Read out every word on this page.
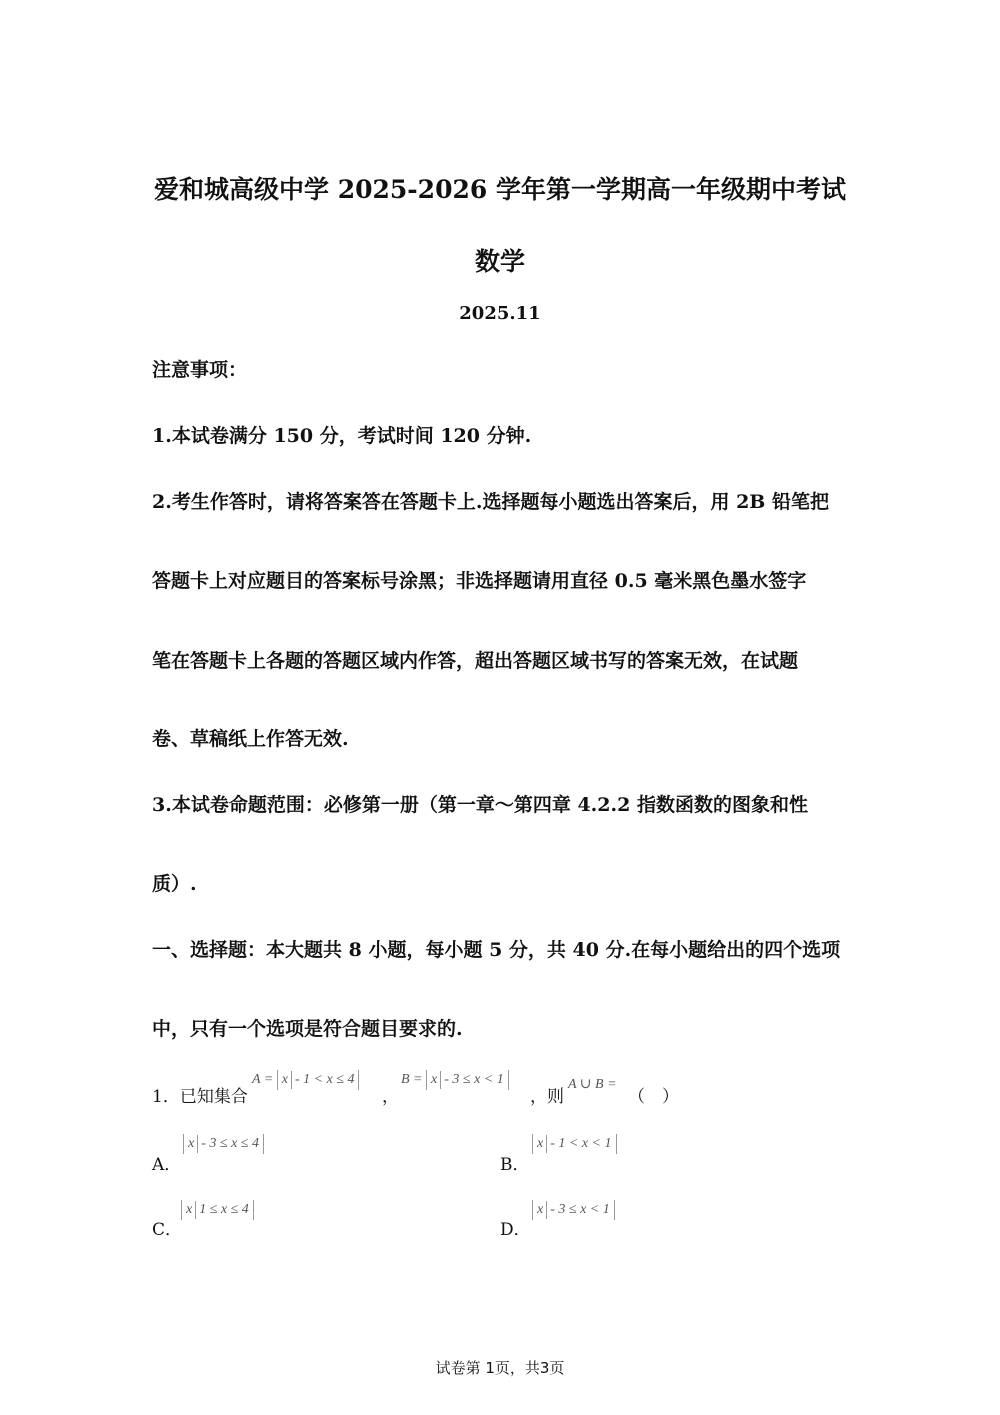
爱和城高级中学 2025-2026 学年第一学期高一年级期中考试
数学
2025.11
注意事项：
1.本试卷满分 150 分，考试时间 120 分钟.
2.考生作答时，请将答案答在答题卡上.选择题每小题选出答案后，用 2B 铅笔把
答题卡上对应题目的答案标号涂黑；非选择题请用直径 0.5 毫米黑色墨水签字
笔在答题卡上各题的答题区域内作答，超出答题区域书写的答案无效，在试题
卷、草稿纸上作答无效.
3.本试卷命题范围：必修第一册（第一章～第四章 4.2.2 指数函数的图象和性
质）.
一、选择题：本大题共 8 小题，每小题 5 分，共 40 分.在每小题给出的四个选项
中，只有一个选项是符合题目要求的.
1．已知集合
A = x - 1 < x ≤ 4
，
B = x - 3 ≤ x < 1
，则
A ∪ B =
（　）
A．
x - 3 ≤ x ≤ 4
B．
x - 1 < x < 1
C．
x 1 ≤ x ≤ 4
D．
x - 3 ≤ x < 1
试卷第 1页，共3页
